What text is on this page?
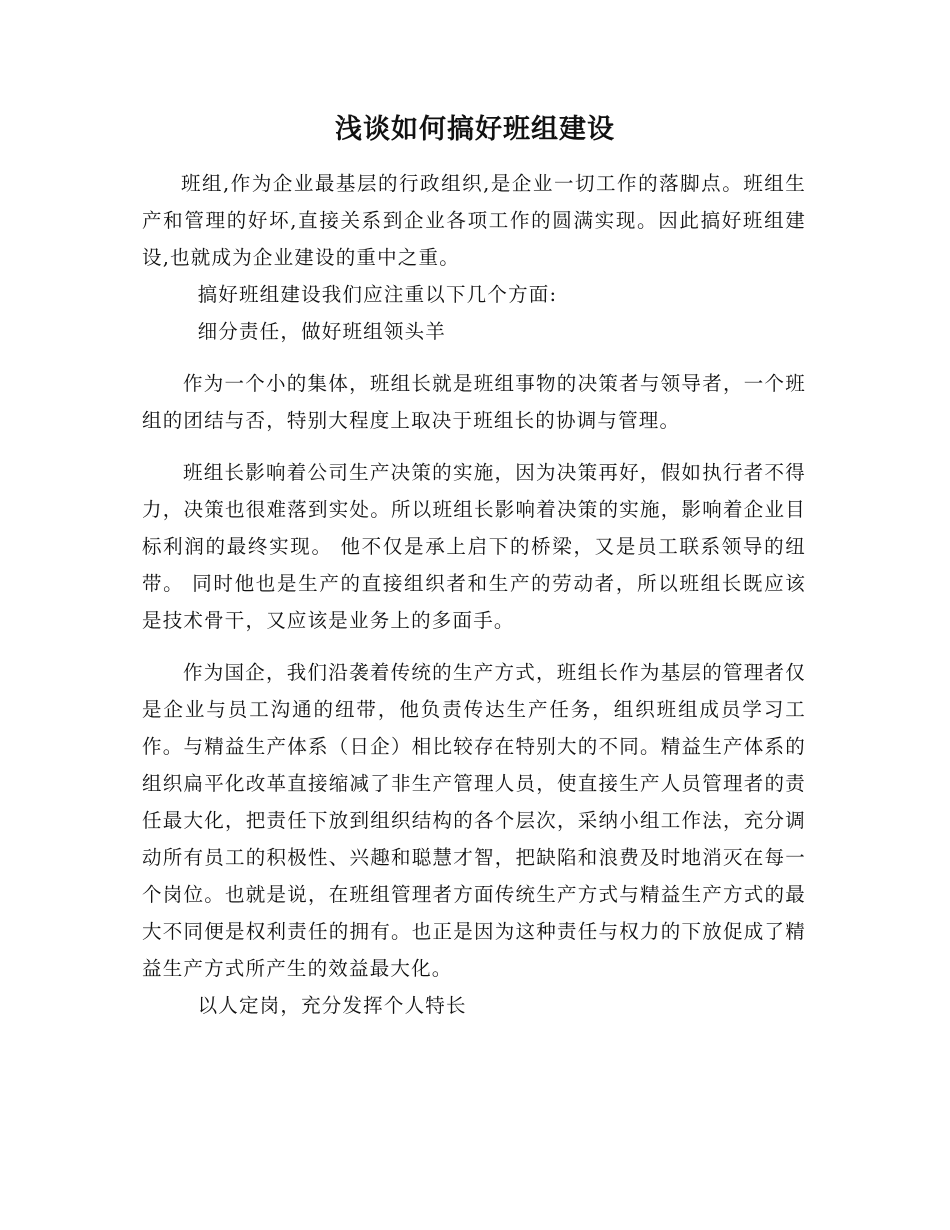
浅谈如何搞好班组建设

班组,作为企业最基层的行政组织,是企业一切工作的落脚点。班组生产和管理的好坏,直接关系到企业各项工作的圆满实现。因此搞好班组建设,也就成为企业建设的重中之重。

搞好班组建设我们应注重以下几个方面:

细分责任，做好班组领头羊

作为一个小的集体，班组长就是班组事物的决策者与领导者，一个班组的团结与否，特别大程度上取决于班组长的协调与管理。

班组长影响着公司生产决策的实施，因为决策再好，假如执行者不得力，决策也很难落到实处。所以班组长影响着决策的实施，影响着企业目标利润的最终实现。 他不仅是承上启下的桥梁，又是员工联系领导的纽带。 同时他也是生产的直接组织者和生产的劳动者，所以班组长既应该是技术骨干，又应该是业务上的多面手。

作为国企，我们沿袭着传统的生产方式，班组长作为基层的管理者仅是企业与员工沟通的纽带，他负责传达生产任务，组织班组成员学习工作。与精益生产体系（日企）相比较存在特别大的不同。精益生产体系的组织扁平化改革直接缩减了非生产管理人员，使直接生产人员管理者的责任最大化，把责任下放到组织结构的各个层次，采纳小组工作法，充分调动所有员工的积极性、兴趣和聪慧才智，把缺陷和浪费及时地消灭在每一个岗位。也就是说，在班组管理者方面传统生产方式与精益生产方式的最大不同便是权利责任的拥有。也正是因为这种责任与权力的下放促成了精益生产方式所产生的效益最大化。

以人定岗，充分发挥个人特长
